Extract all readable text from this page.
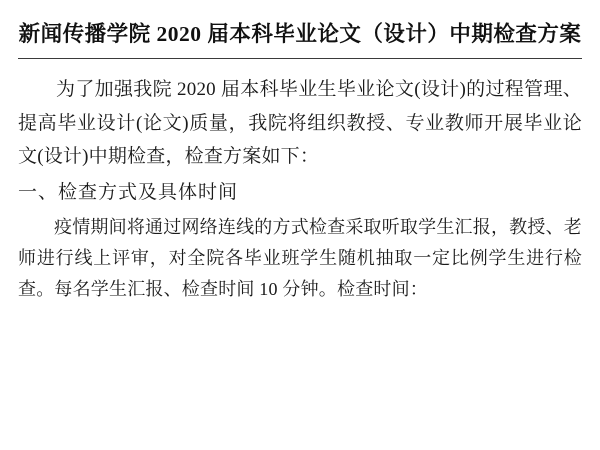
新闻传播学院 2020 届本科毕业论文（设计）中期检查方案

为了加强我院 2020 届本科毕业生毕业论文(设计)的过程管理、提高毕业设计(论文)质量，我院将组织教授、专业教师开展毕业论文(设计)中期检查，检查方案如下：

一、检查方式及具体时间

疫情期间将通过网络连线的方式检查采取听取学生汇报，教授、老师进行线上评审，对全院各毕业班学生随机抽取一定比例学生进行检查。每名学生汇报、检查时间 10 分钟。检查时间：
